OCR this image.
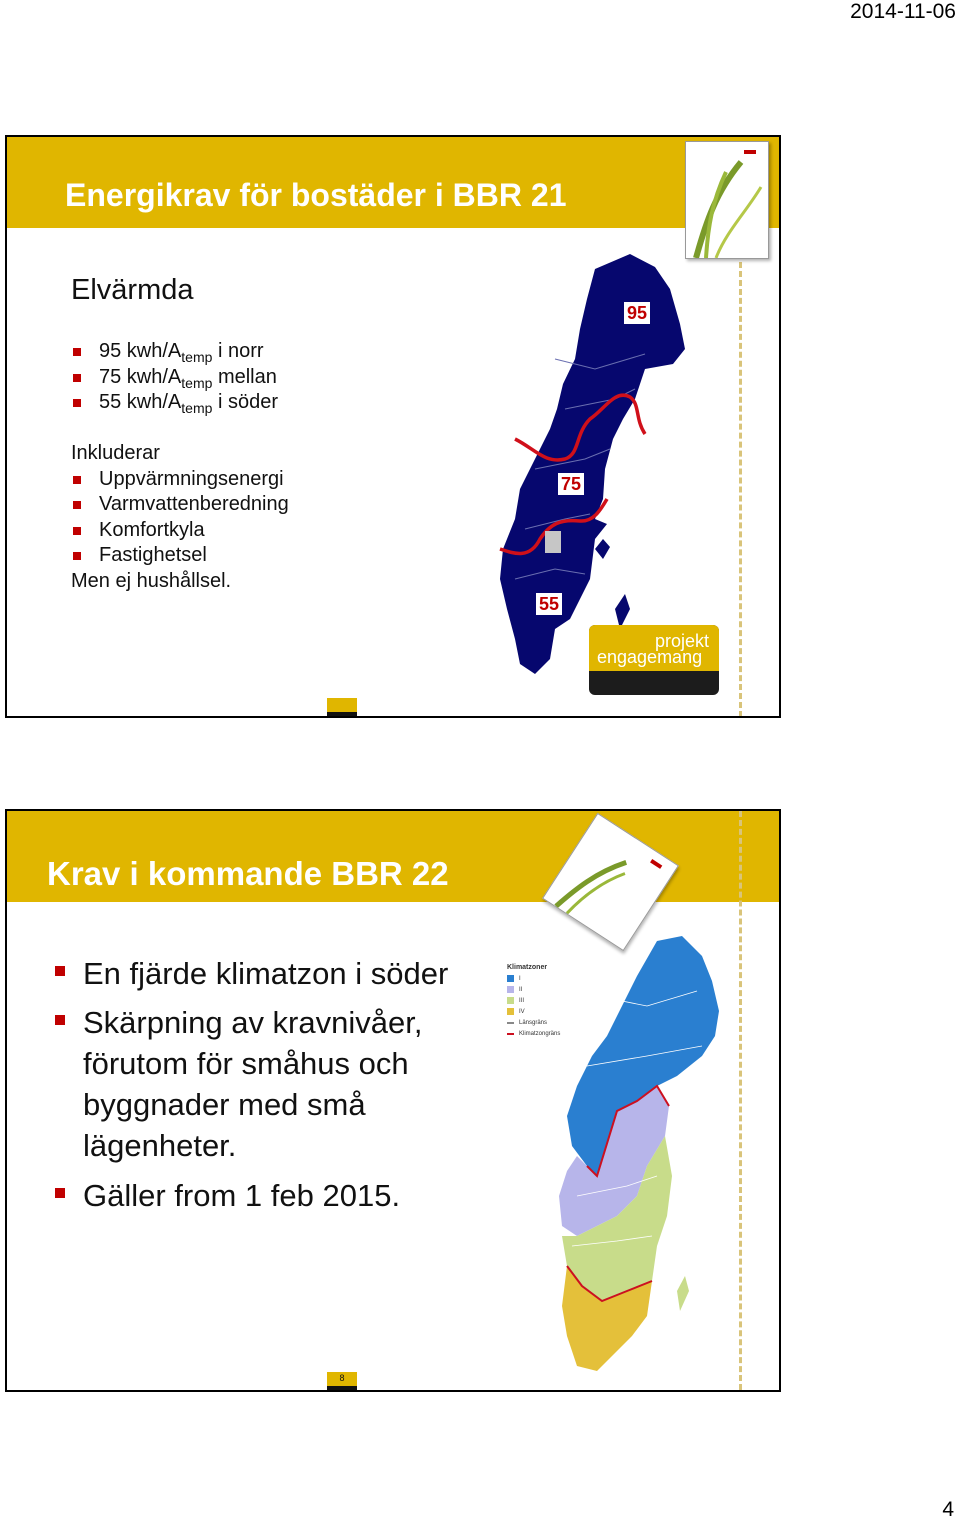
2014-11-06
Energikrav för bostäder i BBR 21
Elvärmda
95 kwh/$A_{temp}$ i norr
75 kwh/$A_{temp}$ mellan
55 kwh/$A_{temp}$ i söder
Inkluderar
Uppvärmningsenergi
Varmvattenberedning
Komfortkyla
Fastighetsel
Men ej hushållsel.
95
75
55
projekt
engagemang
Krav i kommande BBR 22
En fjärde klimatzon i söder
Skärpning av kravnivåer, förutom för småhus och byggnader med små lägenheter.
Gäller from 1 feb 2015.
Klimatzoner
I
II
III
IV
Länsgräns
Klimatzongräns
8
4
